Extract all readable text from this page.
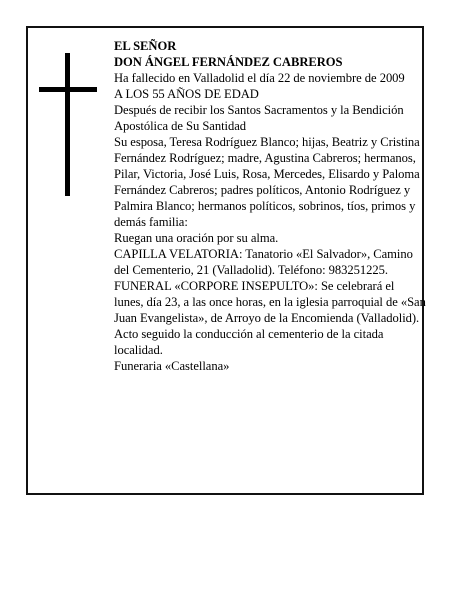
EL SEÑOR

DON ÁNGEL FERNÁNDEZ CABREROS

Ha fallecido en Valladolid el día 22 de noviembre de 2009

A LOS 55 AÑOS DE EDAD

Después de recibir los Santos Sacramentos y la Bendición Apostólica de Su Santidad

Su esposa, Teresa Rodríguez Blanco; hijas, Beatriz y Cristina Fernández Rodríguez; madre, Agustina Cabreros; hermanos, Pilar, Victoria, José Luis, Rosa, Mercedes, Elisardo y Paloma Fernández Cabreros; padres políticos, Antonio Rodríguez y Palmira Blanco; hermanos políticos, sobrinos, tíos, primos y demás familia:

Ruegan una oración por su alma.

CAPILLA VELATORIA: Tanatorio «El Salvador», Camino del Cementerio, 21 (Valladolid). Teléfono: 983251225.

FUNERAL «CORPORE INSEPULTO»: Se celebrará el lunes, día 23, a las once horas, en la iglesia parroquial de «San Juan Evangelista», de Arroyo de la Encomienda (Valladolid). Acto seguido la conducción al cementerio de la citada localidad.

Funeraria «Castellana»
